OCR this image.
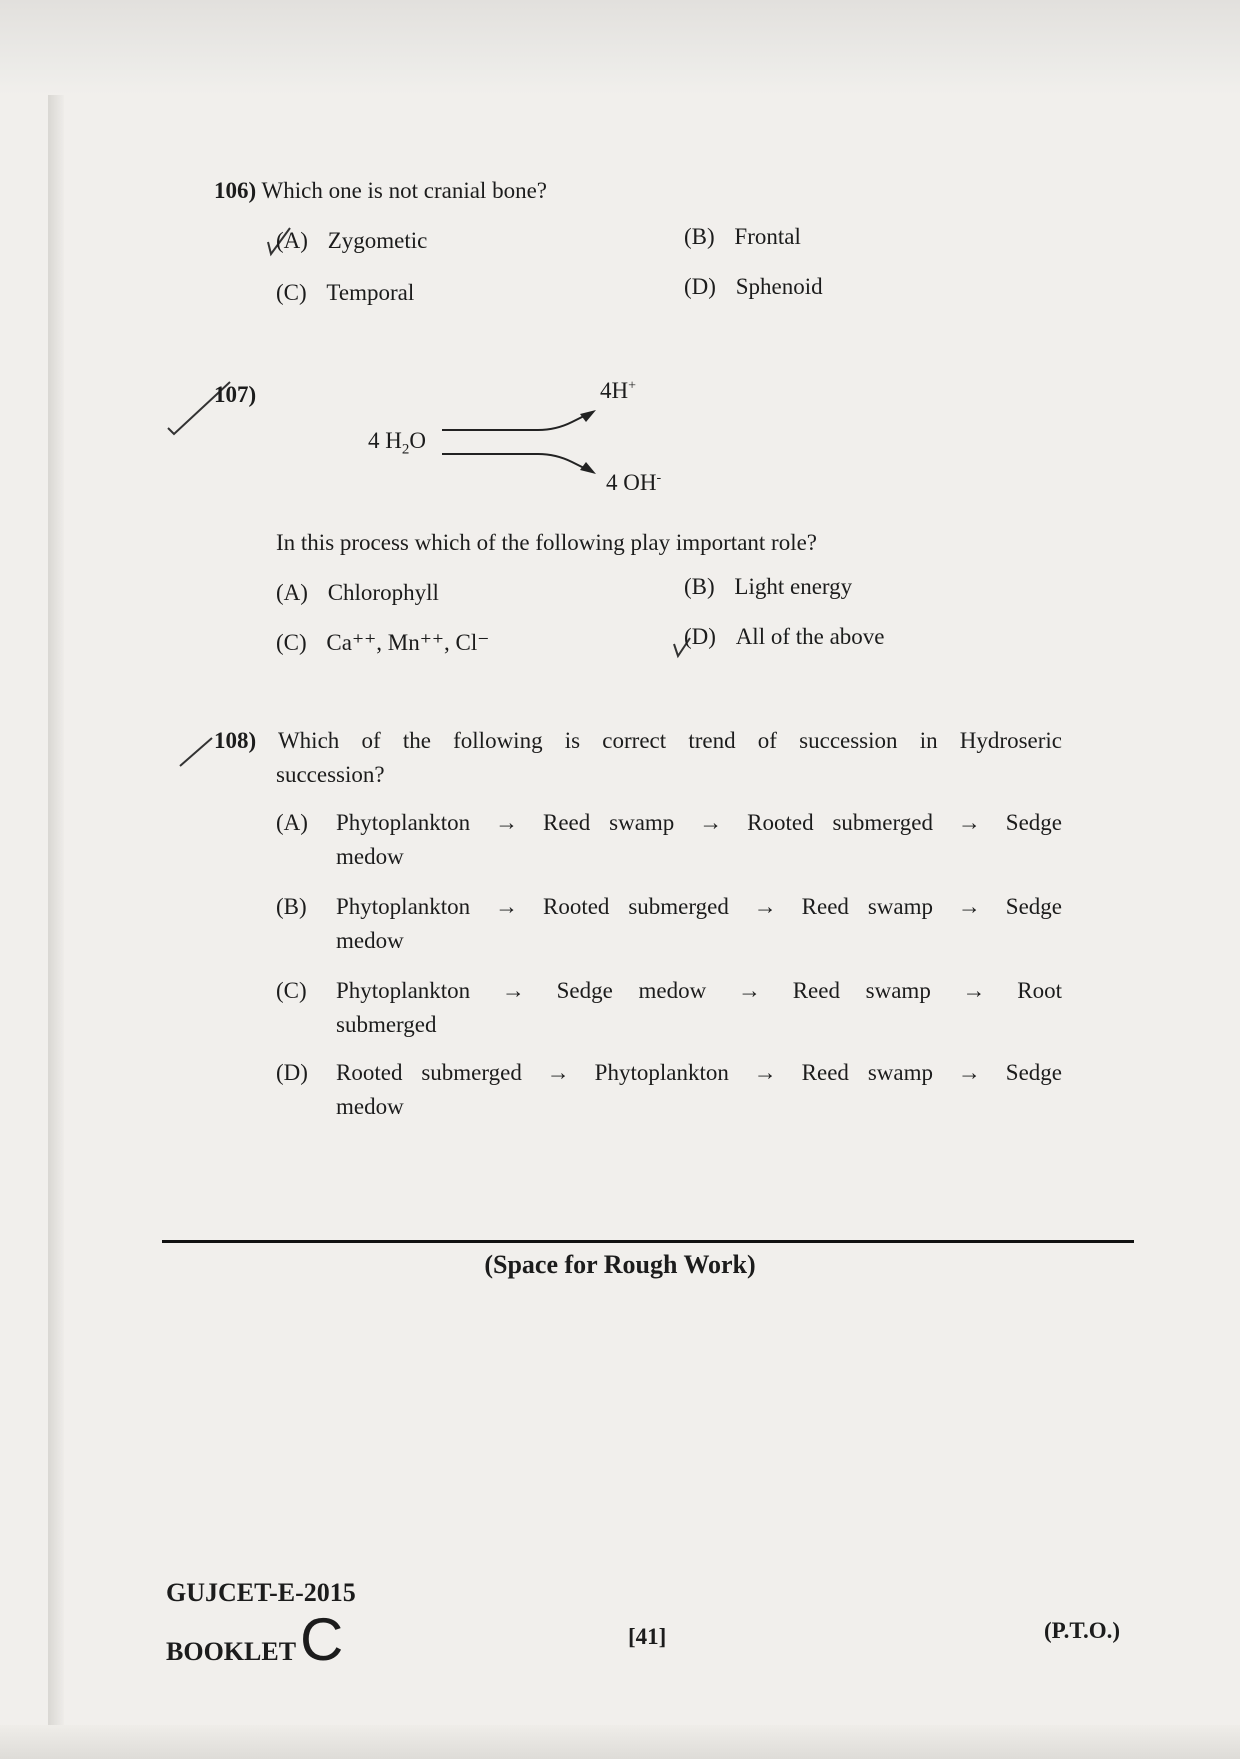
106) Which one is not cranial bone?
(A) Zygometic	(B) Frontal
(C) Temporal	(D) Sphenoid
107)
4 $H_2O$
4H+
4 OH-
In this process which of the following play important role?
(A) Chlorophyll	(B) Light energy
(C) Ca⁺⁺, Mn⁺⁺, Cl⁻	(D) All of the above
108) Which of the following is correct trend of succession in Hydroseric
succession?
(A) Phytoplankton → Reed swamp → Rooted submerged → Sedge
medow
(B) Phytoplankton → Rooted submerged → Reed swamp → Sedge
medow
(C) Phytoplankton → Sedge medow → Reed swamp → Root
submerged
(D) Rooted submerged → Phytoplankton → Reed swamp → Sedge
medow
(Space for Rough Work)
GUJCET-E-2015
BOOKLET C	[41]	(P.T.O.)
